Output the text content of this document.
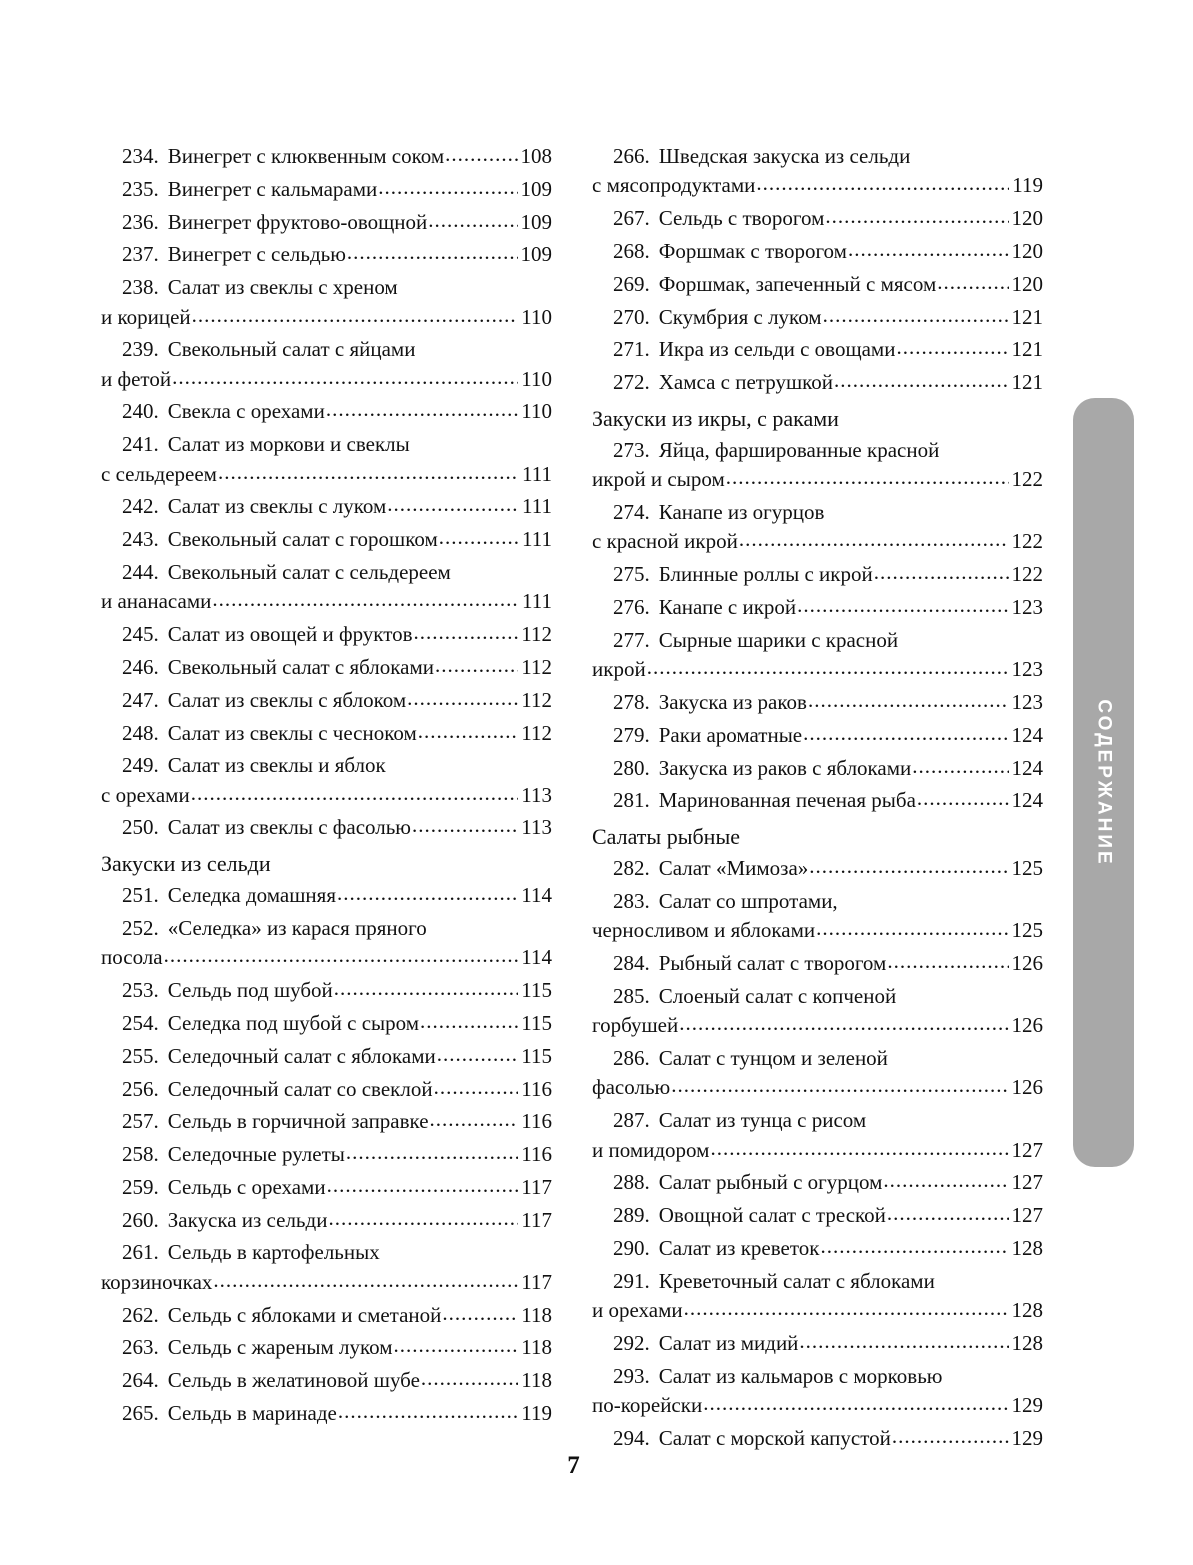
234. Винегрет с клюквенным соком .....	108
235. Винегрет с кальмарами .....	109
236. Винегрет фруктово-овощной .....	109
237. Винегрет с сельдью .....	109
238. Салат из свеклы с хреном
и корицей .....	110
239. Свекольный салат с яйцами
и фетой .....	110
240. Свекла с орехами .....	110
241. Салат из моркови и свеклы
с сельдереем .....	111
242. Салат из свеклы с луком .....	111
243. Свекольный салат с горошком .....	111
244. Свекольный салат с сельдереем
и ананасами .....	111
245. Салат из овощей и фруктов .....	112
246. Свекольный салат с яблоками .....	112
247. Салат из свеклы с яблоком .....	112
248. Салат из свеклы с чесноком .....	112
249. Салат из свеклы и яблок
с орехами .....	113
250. Салат из свеклы с фасолью .....	113
Закуски из сельди
251. Селедка домашняя .....	114
252. «Селедка» из карася пряного
посола .....	114
253. Сельдь под шубой .....	115
254. Селедка под шубой с сыром .....	115
255. Селедочный салат с яблоками .....	115
256. Селедочный салат со свеклой .....	116
257. Сельдь в горчичной заправке .....	116
258. Селедочные рулеты .....	116
259. Сельдь с орехами .....	117
260. Закуска из сельди .....	117
261. Сельдь в картофельных
корзиночках .....	117
262. Сельдь с яблоками и сметаной .....	118
263. Сельдь с жареным луком .....	118
264. Сельдь в желатиновой шубе .....	118
265. Сельдь в маринаде .....	119
266. Шведская закуска из сельди
с мясопродуктами .....	119
267. Сельдь с творогом .....	120
268. Форшмак с творогом .....	120
269. Форшмак, запеченный с мясом .....	120
270. Скумбрия с луком .....	121
271. Икра из сельди с овощами .....	121
272. Хамса с петрушкой .....	121
Закуски из икры, с раками
273. Яйца, фаршированные красной
икрой и сыром .....	122
274. Канапе из огурцов
с красной икрой .....	122
275. Блинные роллы с икрой .....	122
276. Канапе с икрой .....	123
277. Сырные шарики с красной
икрой .....	123
278. Закуска из раков .....	123
279. Раки ароматные .....	124
280. Закуска из раков с яблоками .....	124
281. Маринованная печеная рыба .....	124
Салаты рыбные
282. Салат «Мимоза» .....	125
283. Салат со шпротами,
черносливом и яблоками .....	125
284. Рыбный салат с творогом .....	126
285. Слоеный салат с копченой
горбушей .....	126
286. Салат с тунцом и зеленой
фасолью .....	126
287. Салат из тунца с рисом
и помидором .....	127
288. Салат рыбный с огурцом .....	127
289. Овощной салат с треской .....	127
290. Салат из креветок .....	128
291. Креветочный салат с яблоками
и орехами .....	128
292. Салат из мидий .....	128
293. Салат из кальмаров с морковью
по-корейски .....	129
294. Салат с морской капустой .....	129
СОДЕРЖАНИЕ
7
